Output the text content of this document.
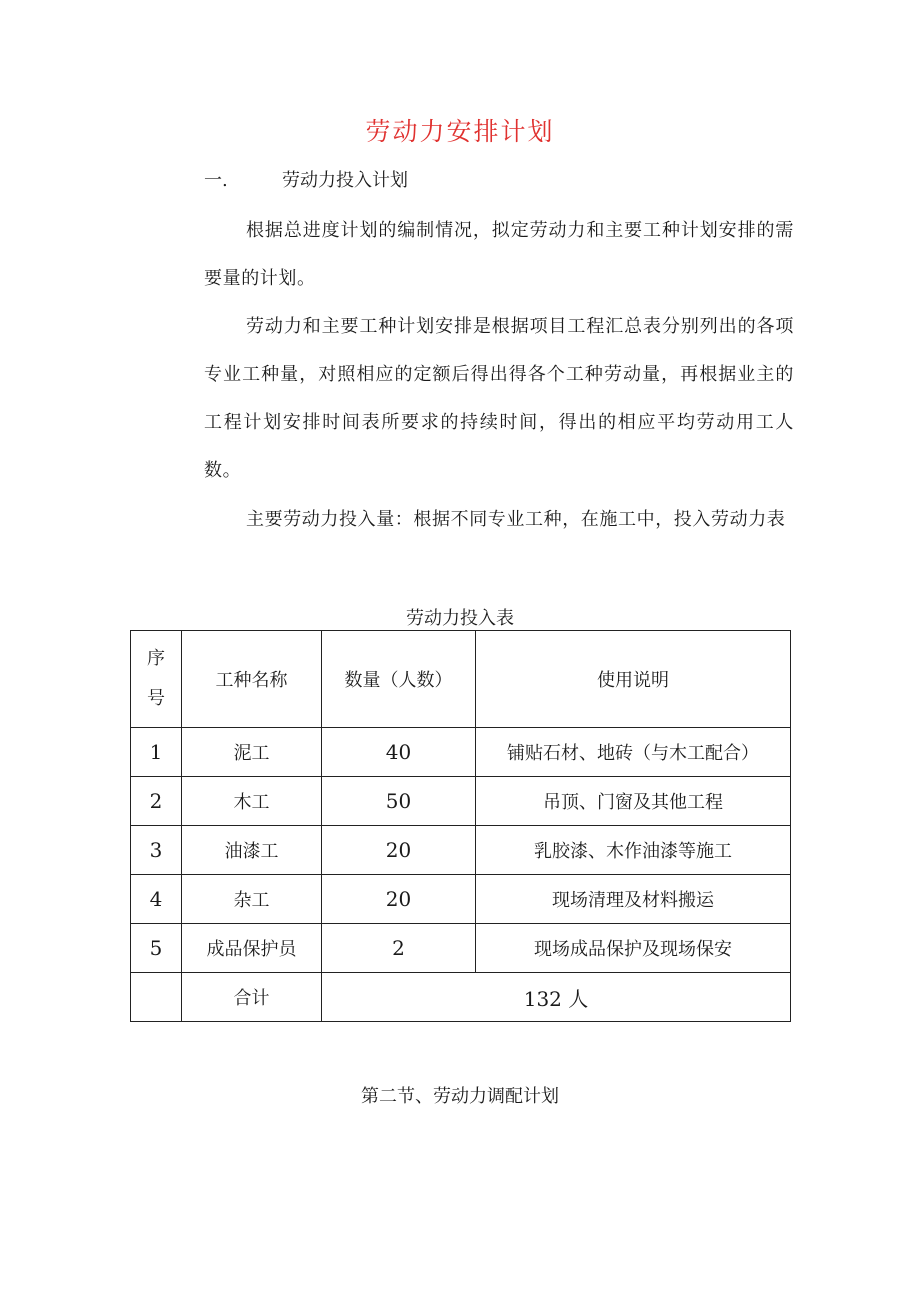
劳动力安排计划
一.	劳动力投入计划
根据总进度计划的编制情况，拟定劳动力和主要工种计划安排的需要量的计划。
劳动力和主要工种计划安排是根据项目工程汇总表分别列出的各项专业工种量，对照相应的定额后得出得各个工种劳动量，再根据业主的工程计划安排时间表所要求的持续时间，得出的相应平均劳动用工人数。
主要劳动力投入量：根据不同专业工种，在施工中，投入劳动力表
劳动力投入表
序
号	工种名称	数量（人数）	使用说明
1	泥工	40	铺贴石材、地砖（与木工配合）
2	木工	50	吊顶、门窗及其他工程
3	油漆工	20	乳胶漆、木作油漆等施工
4	杂工	20	现场清理及材料搬运
5	成品保护员	2	现场成品保护及现场保安
	合计	132 人	
第二节、劳动力调配计划
